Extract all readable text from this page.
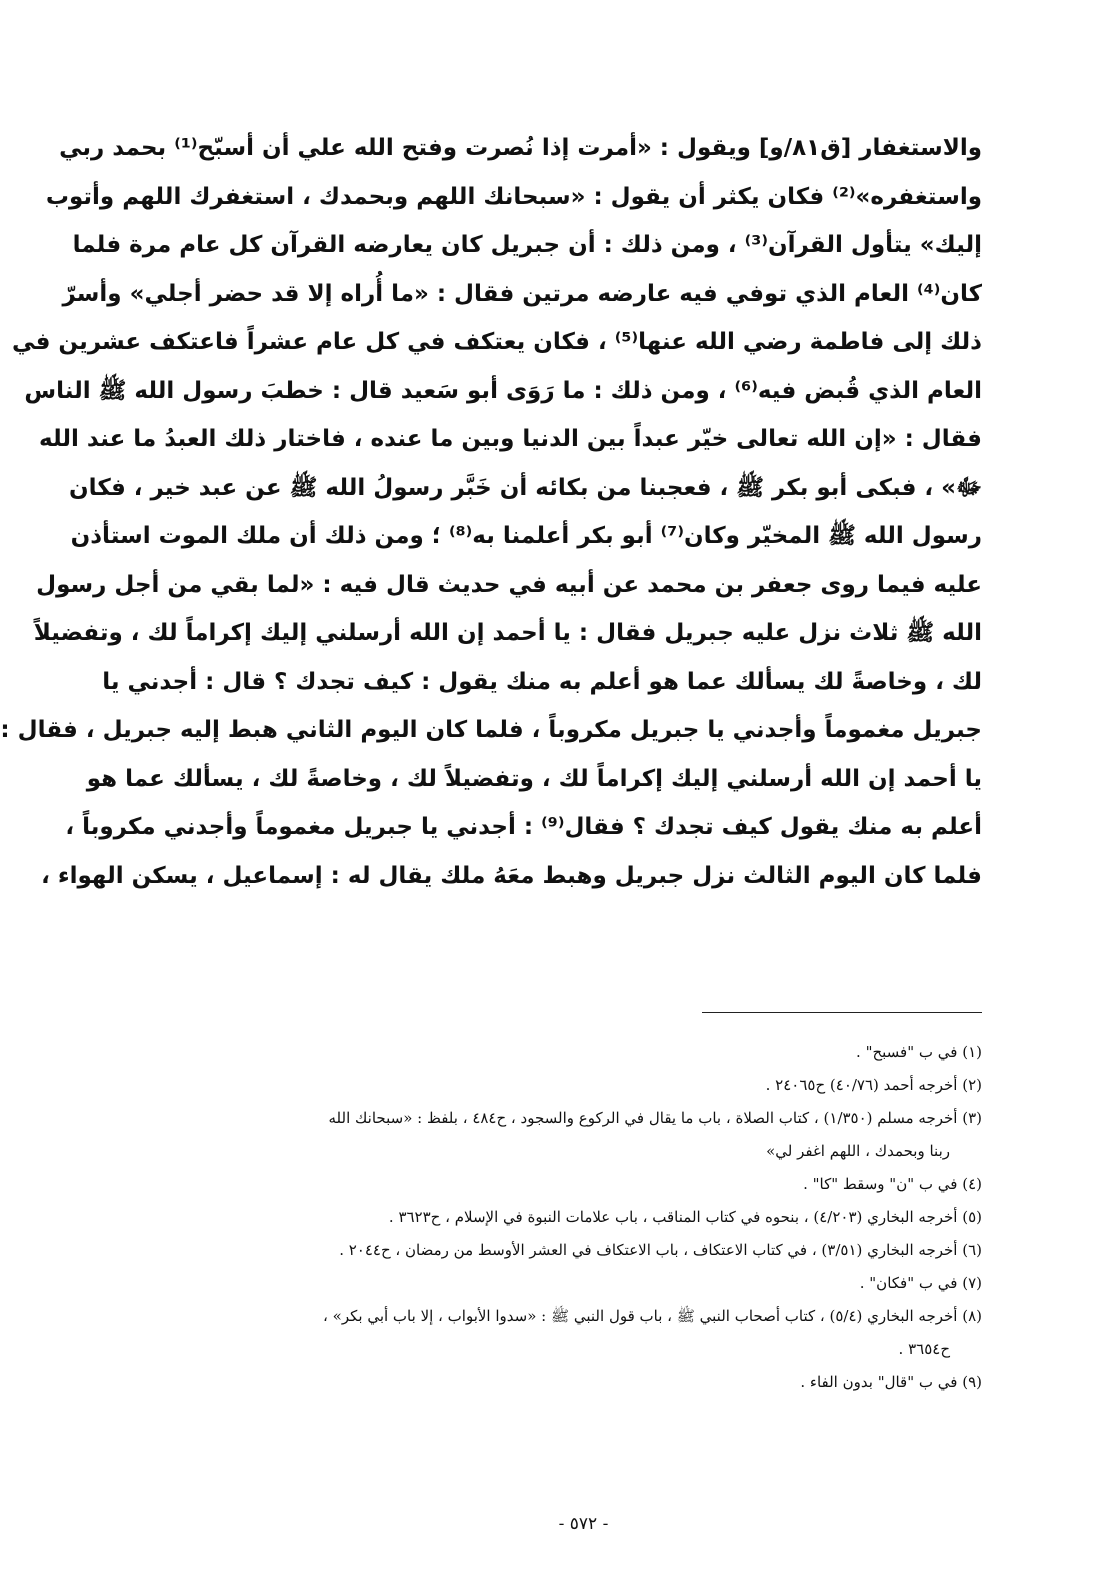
والاستغفار [ق٨١/و] ويقول : «أمرت إذا نُصرت وفتح الله علي أن أسبّح⁽¹⁾ بحمد ربي
واستغفره»⁽²⁾ فكان يكثر أن يقول : «سبحانك اللهم وبحمدك ، استغفرك اللهم وأتوب
إليك» يتأول القرآن⁽³⁾ ، ومن ذلك : أن جبريل كان يعارضه القرآن كل عام مرة فلما
كان⁽⁴⁾ العام الذي توفي فيه عارضه مرتين فقال : «ما أُراه إلا قد حضر أجلي» وأسرّ
ذلك إلى فاطمة رضي الله عنها⁽⁵⁾ ، فكان يعتكف في كل عام عشراً فاعتكف عشرين في
العام الذي قُبض فيه⁽⁶⁾ ، ومن ذلك : ما رَوَى أبو سَعيد قال : خطبَ رسول الله ﷺ الناس
فقال : «إن الله تعالى خيّر عبداً بين الدنيا وبين ما عنده ، فاختار ذلك العبدُ ما عند الله
ﷻ» ، فبكى أبو بكر ﷺ ، فعجبنا من بكائه أن خَبَّر رسولُ الله ﷺ عن عبد خير ، فكان
رسول الله ﷺ المخيّر وكان⁽⁷⁾ أبو بكر أعلمنا به⁽⁸⁾ ؛ ومن ذلك أن ملك الموت استأذن
عليه فيما روى جعفر بن محمد عن أبيه في حديث قال فيه : «لما بقي من أجل رسول
الله ﷺ ثلاث نزل عليه جبريل فقال : يا أحمد إن الله أرسلني إليك إكراماً لك ، وتفضيلاً
لك ، وخاصةً لك يسألك عما هو أعلم به منك يقول : كيف تجدك ؟ قال : أجدني يا
جبريل مغموماً وأجدني يا جبريل مكروباً ، فلما كان اليوم الثاني هبط إليه جبريل ، فقال :
يا أحمد إن الله أرسلني إليك إكراماً لك ، وتفضيلاً لك ، وخاصةً لك ، يسألك عما هو
أعلم به منك يقول كيف تجدك ؟ فقال⁽⁹⁾ : أجدني يا جبريل مغموماً وأجدني مكروباً ،
فلما كان اليوم الثالث نزل جبريل وهبط معَهُ ملك يقال له : إسماعيل ، يسكن الهواء ،
(١) في ب "فسبح" .
(٢) أخرجه أحمد (٤٠/٧٦) ح٢٤٠٦٥ .
(٣) أخرجه مسلم (١/٣٥٠) ، كتاب الصلاة ، باب ما يقال في الركوع والسجود ، ح٤٨٤ ، بلفظ : «سبحانك الله
ربنا وبحمدك ، اللهم اغفر لي»
(٤) في ب "ن" وسقط "كا" .
(٥) أخرجه البخاري (٤/٢٠٣) ، بنحوه في كتاب المناقب ، باب علامات النبوة في الإسلام ، ح٣٦٢٣ .
(٦) أخرجه البخاري (٣/٥١) ، في كتاب الاعتكاف ، باب الاعتكاف في العشر الأوسط من رمضان ، ح٢٠٤٤ .
(٧) في ب "فكان" .
(٨) أخرجه البخاري (٥/٤) ، كتاب أصحاب النبي ﷺ ، باب قول النبي ﷺ : «سدوا الأبواب ، إلا باب أبي بكر» ،
ح٣٦٥٤ .
(٩) في ب "قال" بدون الفاء .
- ٥٧٢ -
